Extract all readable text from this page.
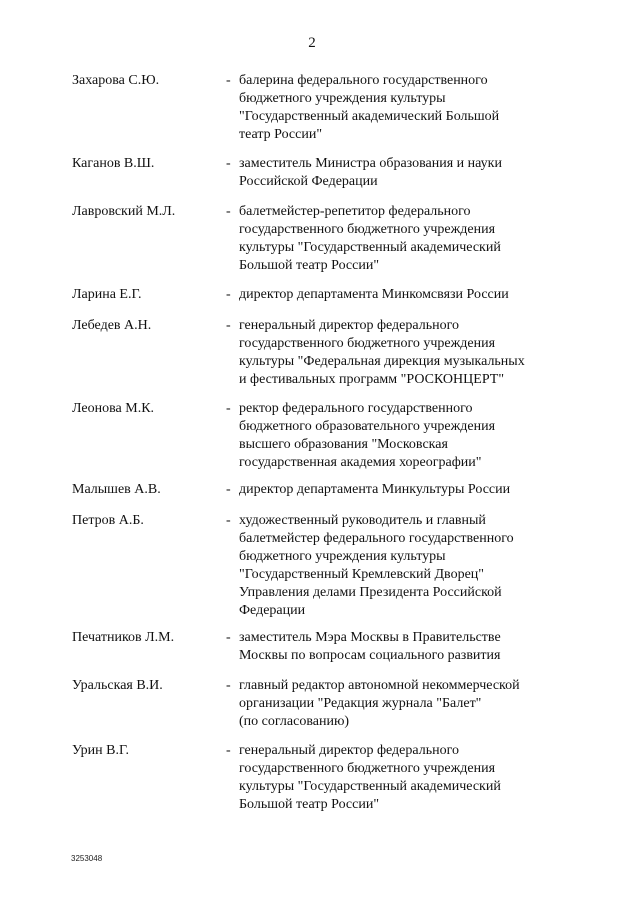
2
Захарова С.Ю.	- балерина федерального государственного
бюджетного учреждения культуры
"Государственный академический Большой
театр России"
Каганов В.Ш.	- заместитель Министра образования и науки
Российской Федерации
Лавровский М.Л.	- балетмейстер-репетитор федерального
государственного бюджетного учреждения
культуры "Государственный академический
Большой театр России"
Ларина Е.Г.	- директор департамента Минкомсвязи России
Лебедев А.Н.	- генеральный директор федерального
государственного бюджетного учреждения
культуры "Федеральная дирекция музыкальных
и фестивальных программ "РОСКОНЦЕРТ"
Леонова М.К.	- ректор федерального государственного
бюджетного образовательного учреждения
высшего образования "Московская
государственная академия хореографии"
Малышев А.В.	- директор департамента Минкультуры России
Петров А.Б.	- художественный руководитель и главный
балетмейстер федерального государственного
бюджетного учреждения культуры
"Государственный Кремлевский Дворец"
Управления делами Президента Российской
Федерации
Печатников Л.М.	- заместитель Мэра Москвы в Правительстве
Москвы по вопросам социального развития
Уральская В.И.	- главный редактор автономной некоммерческой
организации "Редакция журнала "Балет"
(по согласованию)
Урин В.Г.	- генеральный директор федерального
государственного бюджетного учреждения
культуры "Государственный академический
Большой театр России"
3253048
